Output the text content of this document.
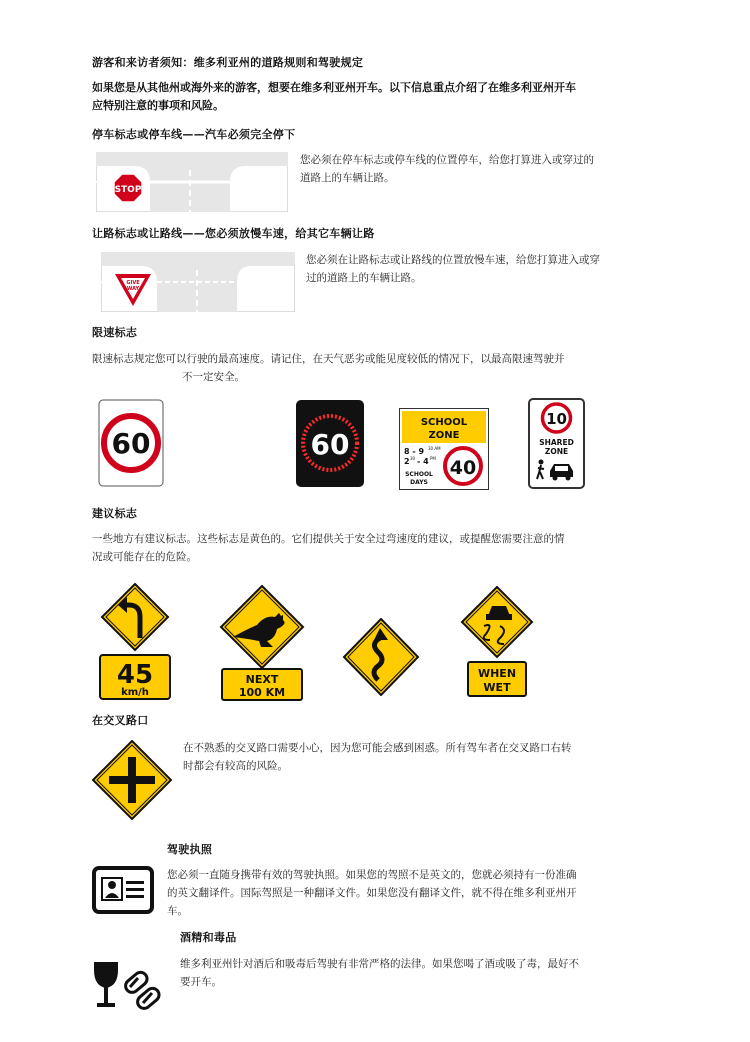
游客和来访者须知：维多利亚州的道路规则和驾驶规定
如果您是从其他州或海外来的游客，想要在维多利亚州开车。以下信息重点介绍了在维多利亚州开车
应特别注意的事项和风险。
停车标志或停车线——汽车必须完全停下
STOP
您必须在停车标志或停车线的位置停车，给您打算进入或穿过的
道路上的车辆让路。
让路标志或让路线——您必须放慢车速，给其它车辆让路
GIVE
WAY
您必须在让路标志或让路线的位置放慢车速，给您打算进入或穿
过的道路上的车辆让路。
限速标志
限速标志规定您可以行驶的最高速度。请记住，在天气恶劣或能见度较低的情况下，以最高限速驾驶并
不一定安全。
60	60
SCHOOL
ZONE
8 - 9 30 AM
2 30 - 4 PM
SCHOOL
DAYS
40
10
SHARED
ZONE
建议标志
一些地方有建议标志。这些标志是黄色的。它们提供关于安全过弯速度的建议，或提醒您需要注意的情
况或可能存在的危险。
45
km/h
NEXT
100 KM
WHEN
WET
在交叉路口
在不熟悉的交叉路口需要小心，因为您可能会感到困惑。所有驾车者在交叉路口右转
时都会有较高的风险。
驾驶执照
您必须一直随身携带有效的驾驶执照。如果您的驾照不是英文的，您就必须持有一份准确
的英文翻译件。国际驾照是一种翻译文件。如果您没有翻译文件，就不得在维多利亚州开
车。
酒精和毒品
维多利亚州针对酒后和吸毒后驾驶有非常严格的法律。如果您喝了酒或吸了毒，最好不
要开车。
